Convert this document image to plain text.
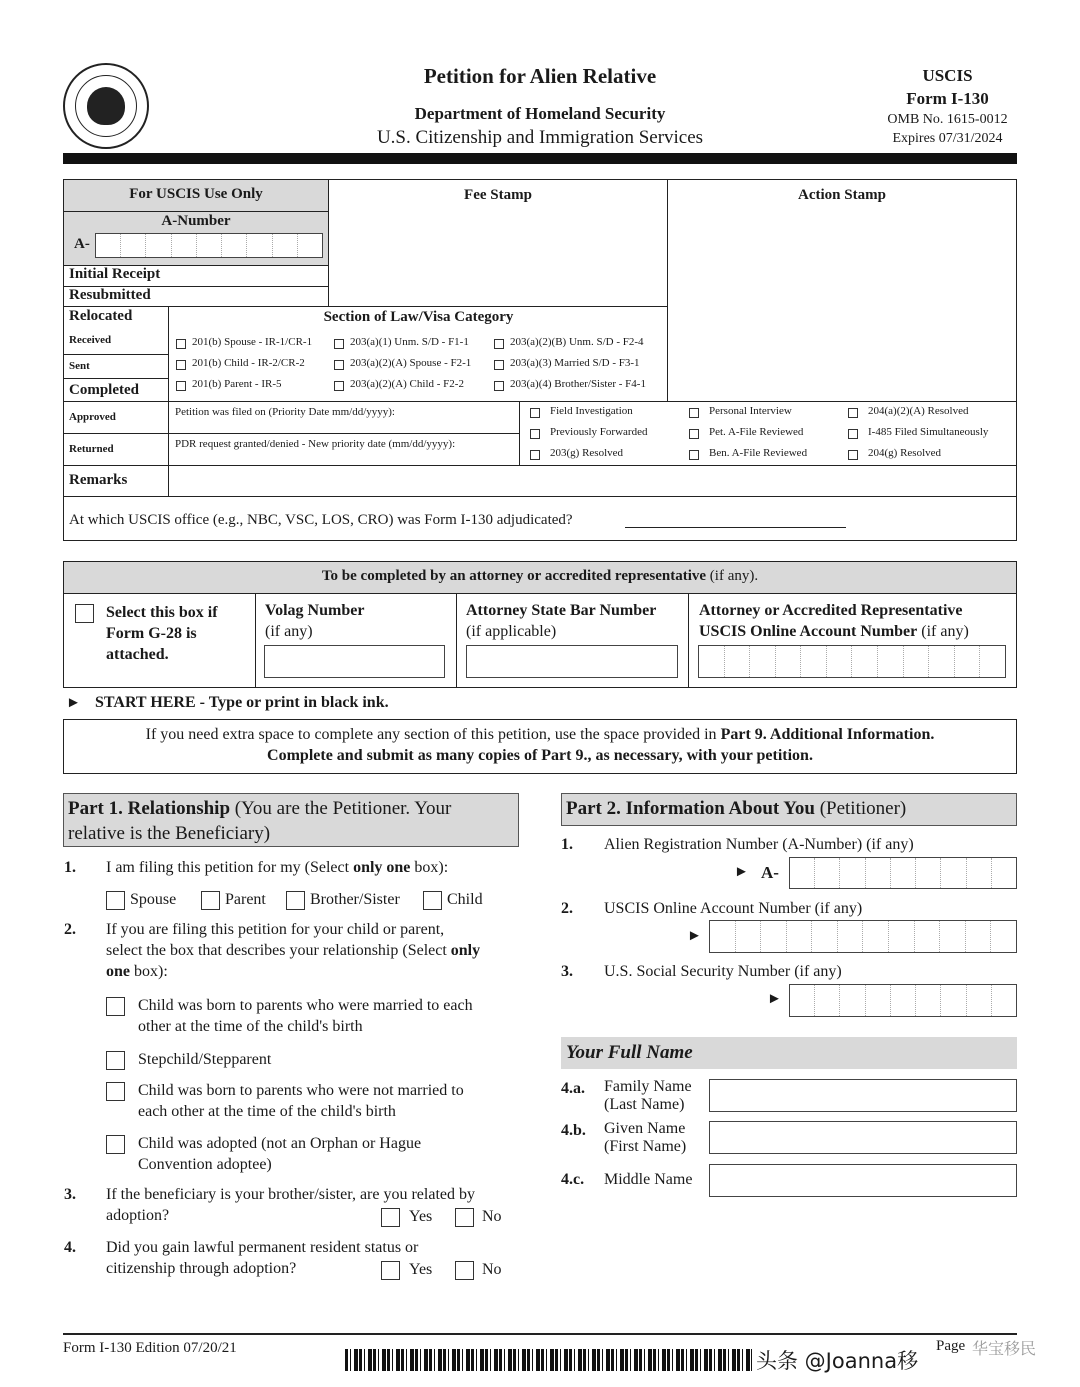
Petition for Alien Relative
Department of Homeland Security
U.S. Citizenship and Immigration Services
USCIS
Form I-130
OMB No. 1615-0012
Expires 07/31/2024
For USCIS Use Only	Fee Stamp	Action Stamp
A-Number
A-
Initial Receipt
Resubmitted
Relocated	Section of Law/Visa Category
Received
Sent
Completed
201(b) Spouse - IR-1/CR-1	203(a)(1) Unm. S/D - F1-1	203(a)(2)(B) Unm. S/D - F2-4
201(b) Child - IR-2/CR-2	203(a)(2)(A) Spouse - F2-1	203(a)(3) Married S/D - F3-1
201(b) Parent - IR-5	203(a)(2)(A) Child - F2-2	203(a)(4) Brother/Sister - F4-1
Approved
Returned
Petition was filed on (Priority Date mm/dd/yyyy):
PDR request granted/denied - New priority date (mm/dd/yyyy):
Field Investigation	Personal Interview	204(a)(2)(A) Resolved
Previously Forwarded	Pet. A-File Reviewed	I-485 Filed Simultaneously
203(g) Resolved	Ben. A-File Reviewed	204(g) Resolved
Remarks
At which USCIS office (e.g., NBC, VSC, LOS, CRO) was Form I-130 adjudicated?
To be completed by an attorney or accredited representative (if any).
Select this box if Form G-28 is attached.
Volag Number
(if any)
Attorney State Bar Number
(if applicable)
Attorney or Accredited Representative
USCIS Online Account Number (if any)
► START HERE - Type or print in black ink.
If you need extra space to complete any section of this petition, use the space provided in Part 9. Additional Information.
Complete and submit as many copies of Part 9., as necessary, with your petition.
Part 1. Relationship (You are the Petitioner. Your
relative is the Beneficiary)
1. I am filing this petition for my (Select only one box):
Spouse	Parent	Brother/Sister	Child
2. If you are filing this petition for your child or parent,
select the box that describes your relationship (Select only
one box):
Child was born to parents who were married to each
other at the time of the child's birth
Stepchild/Stepparent
Child was born to parents who were not married to
each other at the time of the child's birth
Child was adopted (not an Orphan or Hague
Convention adoptee)
3. If the beneficiary is your brother/sister, are you related by
adoption?	Yes	No
4. Did you gain lawful permanent resident status or
citizenship through adoption?	Yes	No
Part 2. Information About You (Petitioner)
1. Alien Registration Number (A-Number) (if any)
► A-
2. USCIS Online Account Number (if any)
►
3. U.S. Social Security Number (if any)
►
Your Full Name
4.a. Family Name
(Last Name)
4.b. Given Name
(First Name)
4.c. Middle Name
Form I-130 Edition 07/20/21
头条 @Joanna移
Page 华宝移民
